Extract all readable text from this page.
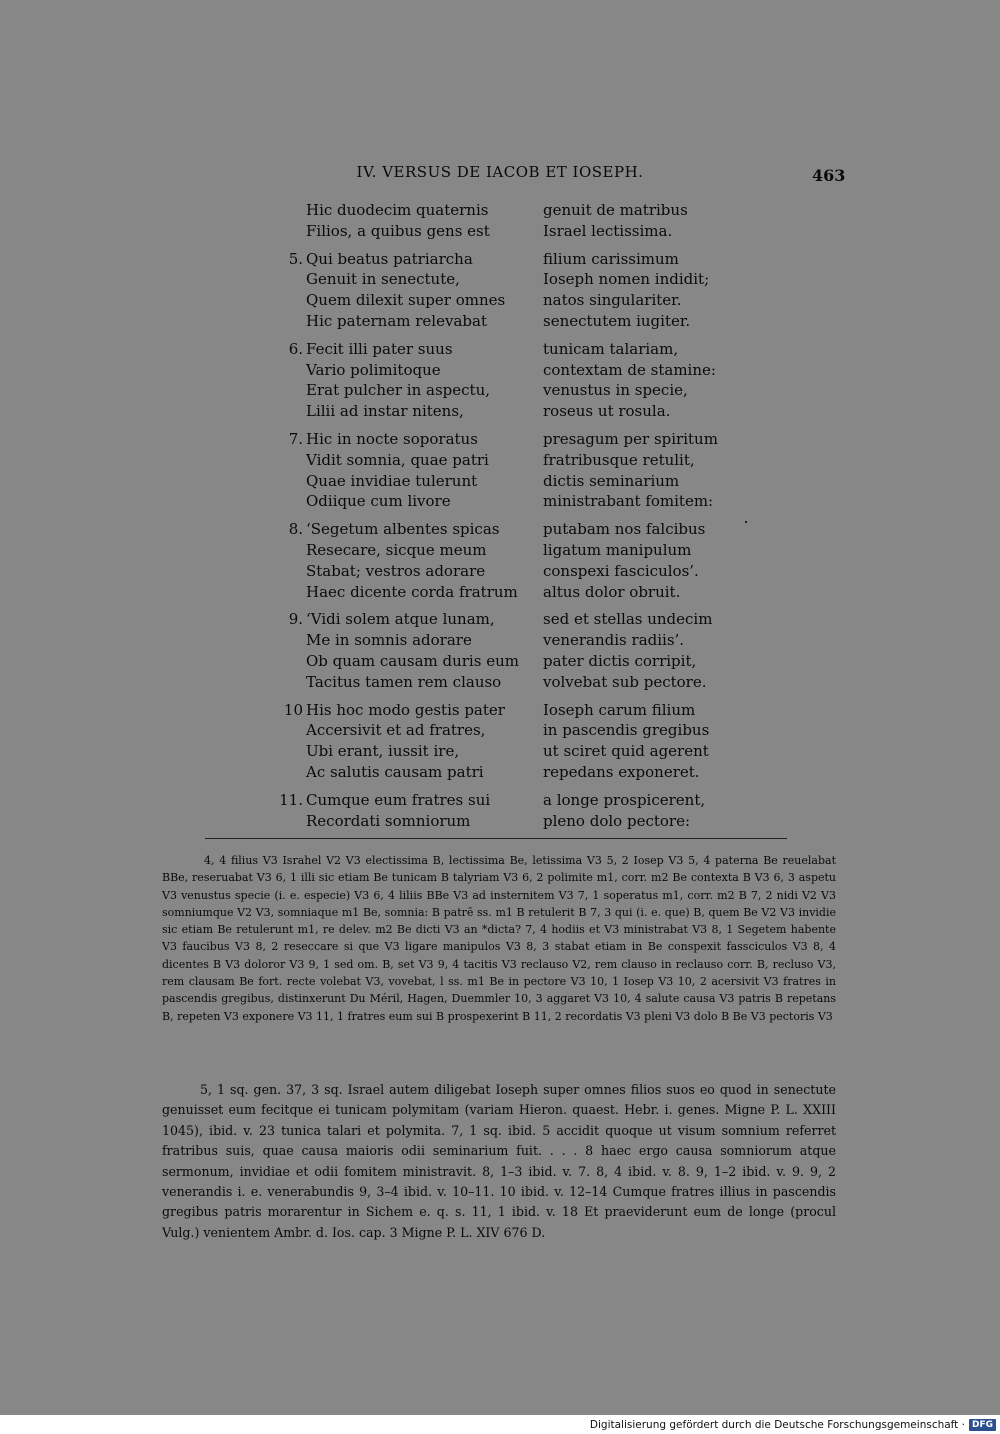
IV. VERSUS DE IACOB ET IOSEPH.	463
Hic duodecim quaternis	genuit de matribus
Filios, a quibus gens est	Israel lectissima.
5. Qui beatus patriarcha	filium carissimum
Genuit in senectute,	Ioseph nomen indidit;
Quem dilexit super omnes	natos singulariter.
Hic paternam relevabat	senectutem iugiter.
6. Fecit illi pater suus	tunicam talariam,
Vario polimitoque	contextam de stamine:
Erat pulcher in aspectu,	venustus in specie,
Lilii ad instar nitens,	roseus ut rosula.
7. Hic in nocte soporatus	presagum per spiritum
Vidit somnia, quae patri	fratribusque retulit,
Quae invidiae tulerunt	dictis seminarium
Odiique cum livore	ministrabant fomitem:
8. ‘Segetum albentes spicas	putabam nos falcibus
Resecare, sicque meum	ligatum manipulum
Stabat; vestros adorare	conspexi fasciculos’.
Haec dicente corda fratrum	altus dolor obruit.
9. ‘Vidi solem atque lunam,	sed et stellas undecim
Me in somnis adorare	venerandis radiis’.
Ob quam causam duris eum	pater dictis corripit,
Tacitus tamen rem clauso	volvebat sub pectore.
10 His hoc modo gestis pater	Ioseph carum filium
Accersivit et ad fratres,	in pascendis gregibus
Ubi erant, iussit ire,	ut sciret quid agerent
Ac salutis causam patri	repedans exponeret.
11. Cumque eum fratres sui	a longe prospicerent,
Recordati somniorum	pleno dolo pectore:

4, 4 filius V3 Israhel V2 V3 electissima B, lectissima Be, letissima V3 5, 2 Iosep V3 5, 4 paterna Be reuelabat BBe, reseruabat V3 6, 1 illi sic etiam Be tunicam B talyriam V3 6, 2 polimite m1, corr. m2 Be contexta B V3 6, 3 aspetu V3 venustus specie (i. e. especie) V3 6, 4 liliis BBe V3 ad insternitem V3 7, 1 soperatus m1, corr. m2 B 7, 2 nidi V2 V3 somniumque V2 V3, somniaque m1 Be, somnia: B patrē ss. m1 B retulerit B 7, 3 qui (i. e. que) B, quem Be V2 V3 invidie sic etiam Be retulerunt m1, re delev. m2 Be dicti V3 an *dicta? 7, 4 hodiis et V3 ministrabat V3 8, 1 Segetem habente V3 faucibus V3 8, 2 reseccare si que V3 ligare manipulos V3 8, 3 stabat etiam in Be conspexit fassciculos V3 8, 4 dicentes B V3 doloror V3 9, 1 sed om. B, set V3 9, 4 tacitis V3 reclauso V2, rem clauso in reclauso corr. B, recluso V3, rem clausam Be fort. recte volebat V3, vovebat, l ss. m1 Be in pectore V3 10, 1 Iosep V3 10, 2 acersivit V3 fratres in pascendis gregibus, distinxerunt Du Méril, Hagen, Duemmler 10, 3 aggaret V3 10, 4 salute causa V3 patris B repetans B, repeten V3 exponere V3 11, 1 fratres eum sui B prospexerint B 11, 2 recordatis V3 pleni V3 dolo B Be V3 pectoris V3

5, 1 sq. gen. 37, 3 sq. Israel autem diligebat Ioseph super omnes filios suos eo quod in senectute genuisset eum fecitque ei tunicam polymitam (variam Hieron. quaest. Hebr. i. genes. Migne P. L. XXIII 1045), ibid. v. 23 tunica talari et polymita. 7, 1 sq. ibid. 5 accidit quoque ut visum somnium referret fratribus suis, quae causa maioris odii seminarium fuit. . . . 8 haec ergo causa somniorum atque sermonum, invidiae et odii fomitem ministravit. 8, 1–3 ibid. v. 7. 8, 4 ibid. v. 8. 9, 1–2 ibid. v. 9. 9, 2 venerandis i. e. venerabundis 9, 3–4 ibid. v. 10–11. 10 ibid. v. 12–14 Cumque fratres illius in pascendis gregibus patris morarentur in Sichem e. q. s. 11, 1 ibid. v. 18 Et praeviderunt eum de longe (procul Vulg.) venientem Ambr. d. Ios. cap. 3 Migne P. L. XIV 676 D.

Digitalisierung gefördert durch die Deutsche Forschungsgemeinschaft · DFG
